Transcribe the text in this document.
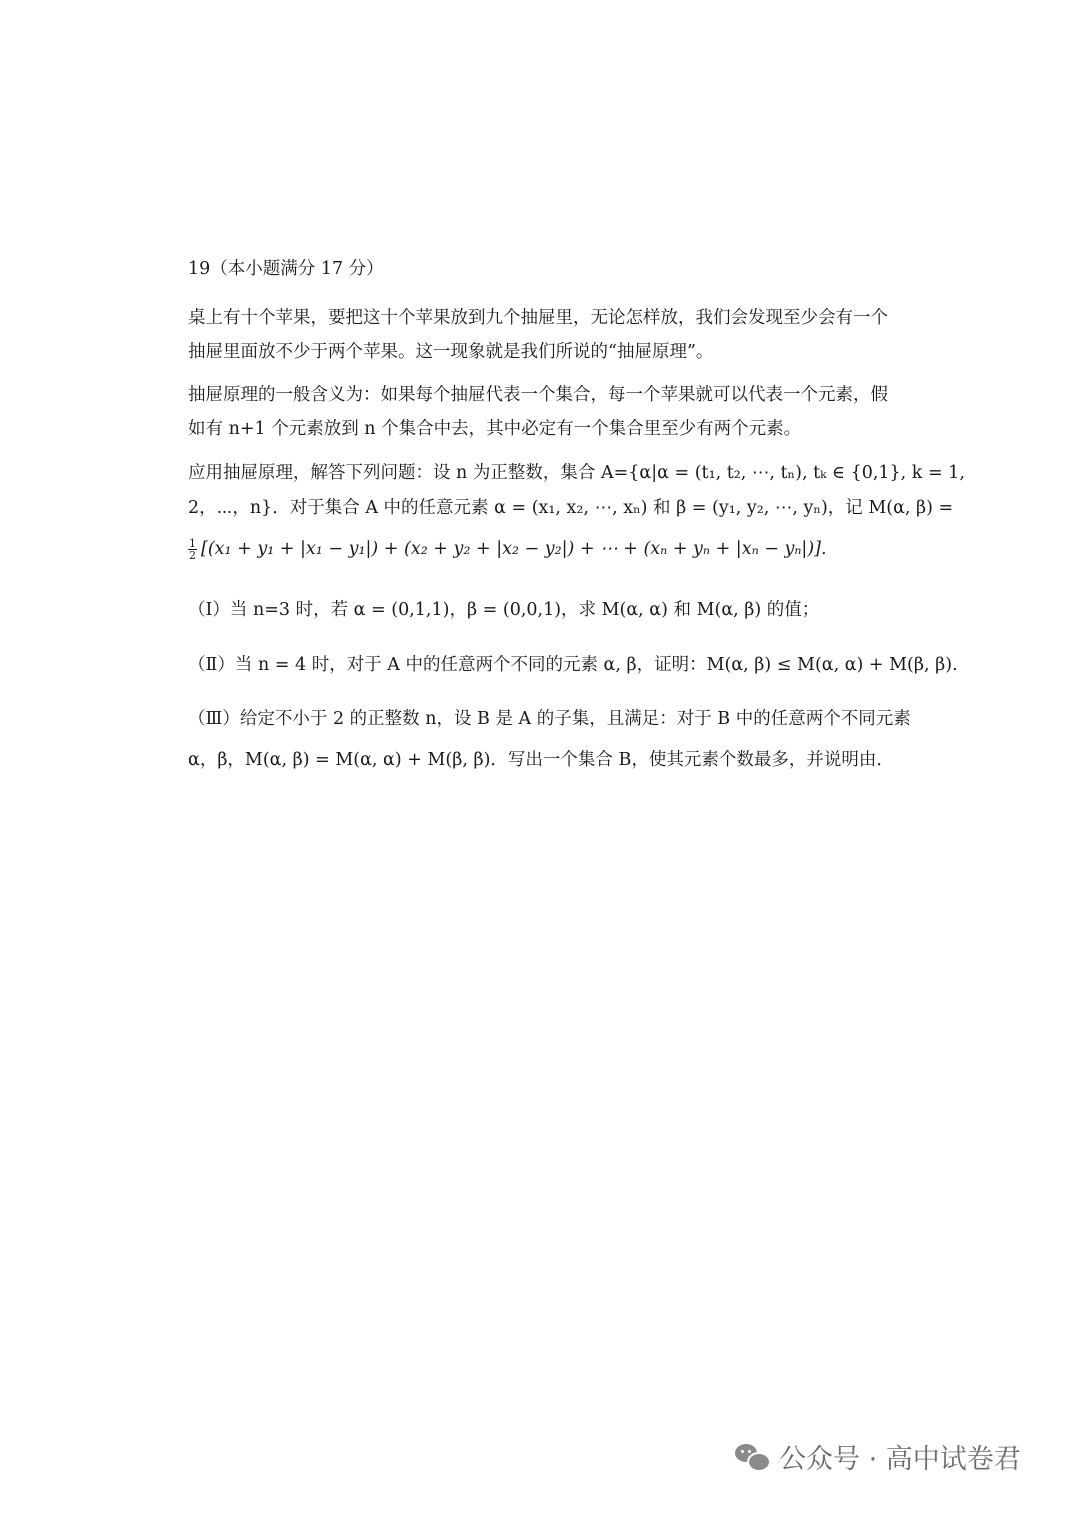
19（本小题满分 17 分）
桌上有十个苹果，要把这十个苹果放到九个抽屉里，无论怎样放，我们会发现至少会有一个
抽屉里面放不少于两个苹果。这一现象就是我们所说的“抽屉原理”。
抽屉原理的一般含义为：如果每个抽屉代表一个集合，每一个苹果就可以代表一个元素，假
如有 n+1 个元素放到 n 个集合中去，其中必定有一个集合里至少有两个元素。
应用抽屉原理，解答下列问题：设 n 为正整数，集合 A={α|α = (t₁, t₂, ⋯, tₙ), tₖ ∈ {0,1}, k = 1,
2，⋯，n}．对于集合 A 中的任意元素 α = (x₁, x₂, ⋯, xₙ) 和 β = (y₁, y₂, ⋯, yₙ)，记 M(α, β) =
$\frac{1}{2} [(x_1 + y_1 + |x_1 - y_1|) + (x_2 + y_2 + |x_2 - y_2|)$ + ⋯ + (xₙ + yₙ + |xₙ − yₙ|)].
（Ⅰ）当 n=3 时，若 α = (0,1,1)，β = (0,0,1)，求 M(α, α) 和 M(α, β) 的值；
（Ⅱ）当 n = 4 时，对于 A 中的任意两个不同的元素 α, β，证明：M(α, β) ≤ M(α, α) + M(β, β).
（Ⅲ）给定不小于 2 的正整数 n，设 B 是 A 的子集，且满足：对于 B 中的任意两个不同元素
α，β，M(α, β) = M(α, α) + M(β, β)．写出一个集合 B，使其元素个数最多，并说明由．
公众号 · 高中试卷君
